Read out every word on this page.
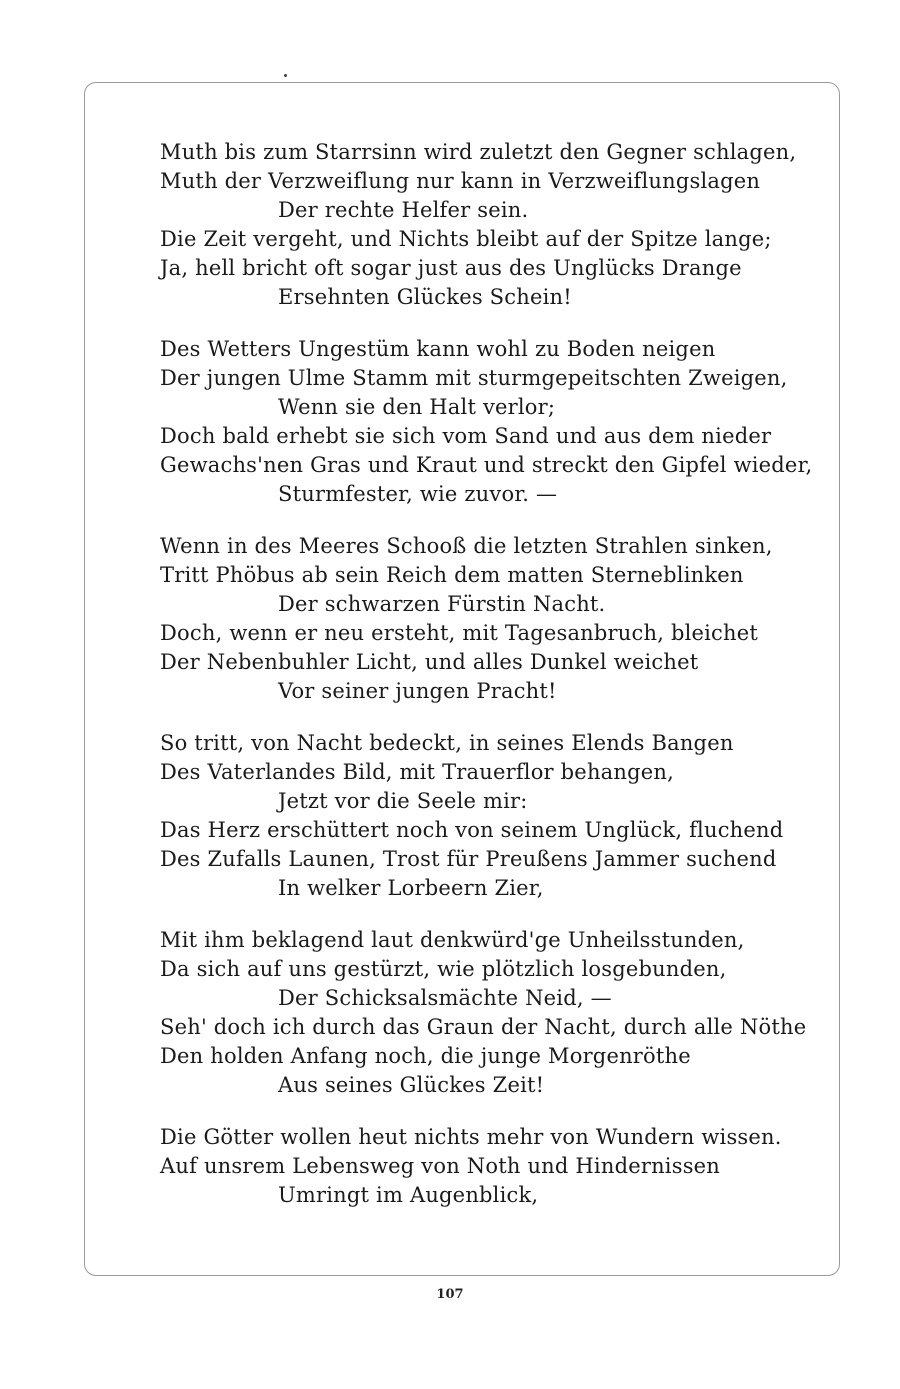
Muth bis zum Starrsinn wird zuletzt den Gegner schlagen,
Muth der Verzweiflung nur kann in Verzweiflungslagen
Der rechte Helfer sein.
Die Zeit vergeht, und Nichts bleibt auf der Spitze lange;
Ja, hell bricht oft sogar just aus des Unglücks Drange
Ersehnten Glückes Schein!
Des Wetters Ungestüm kann wohl zu Boden neigen
Der jungen Ulme Stamm mit sturmgepeitschten Zweigen,
Wenn sie den Halt verlor;
Doch bald erhebt sie sich vom Sand und aus dem nieder
Gewachs'nen Gras und Kraut und streckt den Gipfel wieder,
Sturmfester, wie zuvor. —
Wenn in des Meeres Schooß die letzten Strahlen sinken,
Tritt Phöbus ab sein Reich dem matten Sterneblinken
Der schwarzen Fürstin Nacht.
Doch, wenn er neu ersteht, mit Tagesanbruch, bleichet
Der Nebenbuhler Licht, und alles Dunkel weichet
Vor seiner jungen Pracht!
So tritt, von Nacht bedeckt, in seines Elends Bangen
Des Vaterlandes Bild, mit Trauerflor behangen,
Jetzt vor die Seele mir:
Das Herz erschüttert noch von seinem Unglück, fluchend
Des Zufalls Launen, Trost für Preußens Jammer suchend
In welker Lorbeern Zier,
Mit ihm beklagend laut denkwürd'ge Unheilsstunden,
Da sich auf uns gestürzt, wie plötzlich losgebunden,
Der Schicksalsmächte Neid, —
Seh' doch ich durch das Graun der Nacht, durch alle Nöthe
Den holden Anfang noch, die junge Morgenröthe
Aus seines Glückes Zeit!
Die Götter wollen heut nichts mehr von Wundern wissen.
Auf unsrem Lebensweg von Noth und Hindernissen
Umringt im Augenblick,
107
